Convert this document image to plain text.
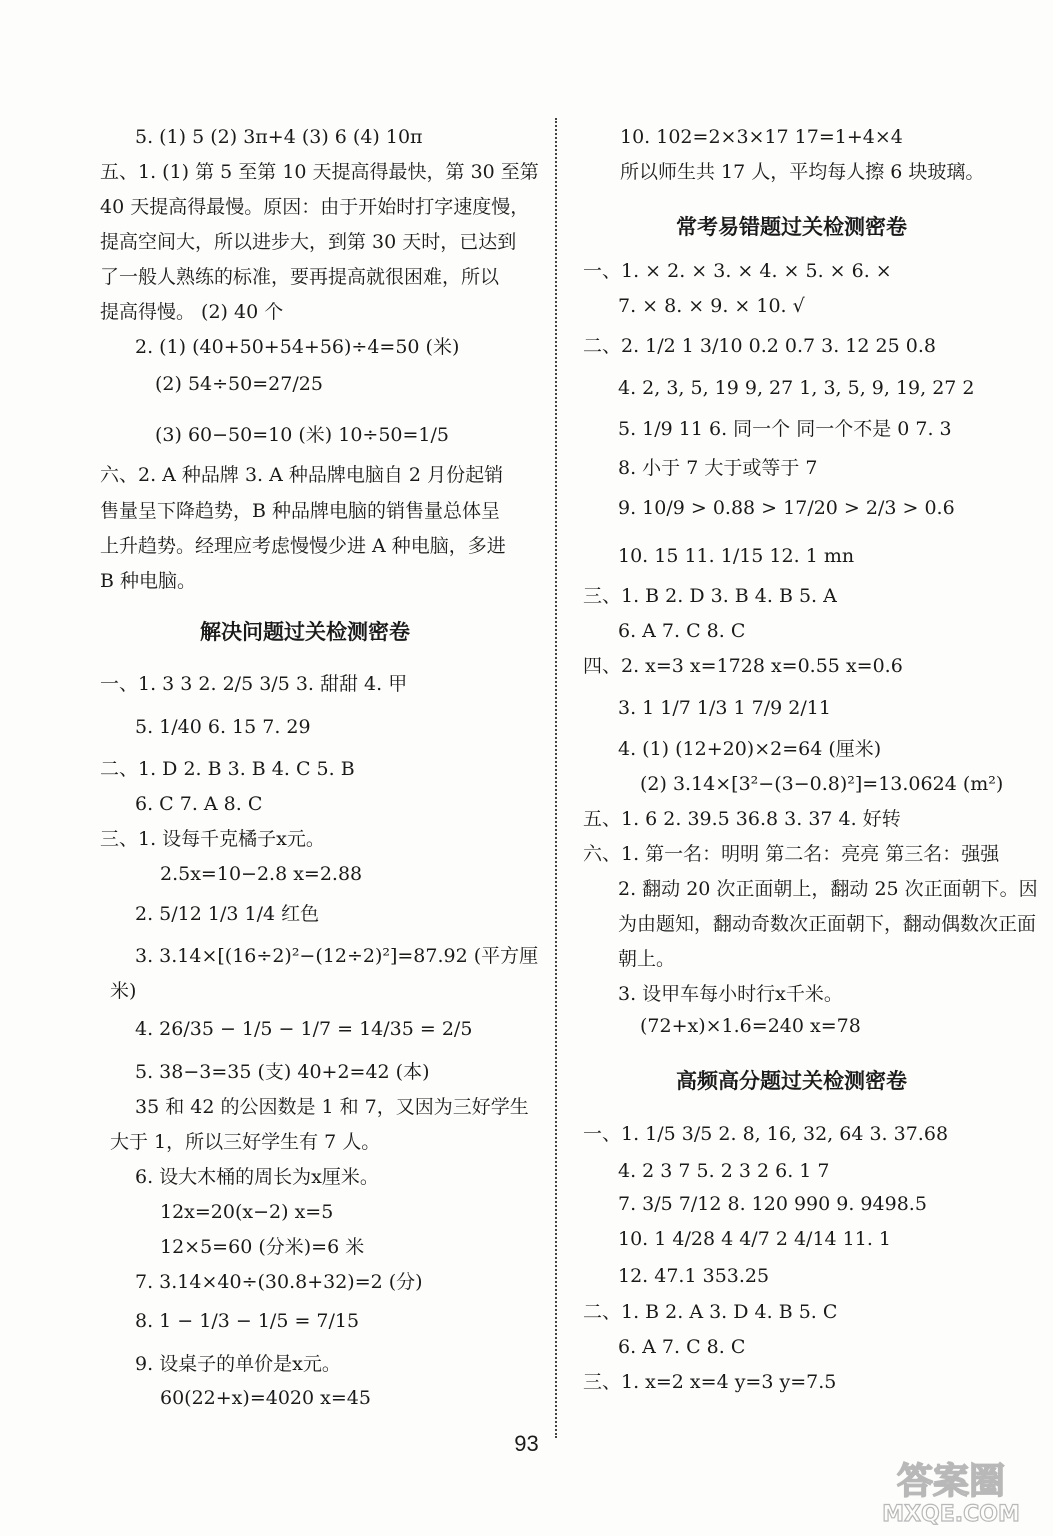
5. (1) 5 (2) 3π+4 (3) 6 (4) 10π
五、1. (1) 第 5 至第 10 天提高得最快，第 30 至第
40 天提高得最慢。原因：由于开始时打字速度慢，
提高空间大，所以进步大，到第 30 天时，已达到
了一般人熟练的标准，要再提高就很困难，所以
提高得慢。 (2) 40 个
2. (1) (40+50+54+56)÷4=50 (米)
(2) 54÷50=27/25
(3) 60−50=10 (米) 10÷50=1/5
六、2. A 种品牌 3. A 种品牌电脑自 2 月份起销
售量呈下降趋势，B 种品牌电脑的销售量总体呈
上升趋势。经理应考虑慢慢少进 A 种电脑，多进
B 种电脑。
解决问题过关检测密卷
一、1. 3 3 2. 2/5 3/5 3. 甜甜 4. 甲
5. 1/40 6. 15 7. 29
二、1. D 2. B 3. B 4. C 5. B
6. C 7. A 8. C
三、1. 设每千克橘子x元。
2.5x=10−2.8 x=2.88
2. 5/12 1/3 1/4 红色
3. 3.14×[(16÷2)²−(12÷2)²]=87.92 (平方厘
米)
4. 26/35 − 1/5 − 1/7 = 14/35 = 2/5
5. 38−3=35 (支) 40+2=42 (本)
35 和 42 的公因数是 1 和 7，又因为三好学生
大于 1，所以三好学生有 7 人。
6. 设大木桶的周长为x厘米。
12x=20(x−2) x=5
12×5=60 (分米)=6 米
7. 3.14×40÷(30.8+32)=2 (分)
8. 1 − 1/3 − 1/5 = 7/15
9. 设桌子的单价是x元。
60(22+x)=4020 x=45
10. 102=2×3×17 17=1+4×4
所以师生共 17 人，平均每人擦 6 块玻璃。
常考易错题过关检测密卷
一、1. × 2. × 3. × 4. × 5. × 6. ×
7. × 8. × 9. × 10. √
二、2. 1/2 1 3/10 0.2 0.7 3. 12 25 0.8
4. 2, 3, 5, 19 9, 27 1, 3, 5, 9, 19, 27 2
5. 1/9 11 6. 同一个 同一个不是 0 7. 3
8. 小于 7 大于或等于 7
9. 10/9 > 0.88 > 17/20 > 2/3 > 0.6
10. 15 11. 1/15 12. 1 mn
三、1. B 2. D 3. B 4. B 5. A
6. A 7. C 8. C
四、2. x=3 x=1728 x=0.55 x=0.6
3. 1 1/7 1/3 1 7/9 2/11
4. (1) (12+20)×2=64 (厘米)
(2) 3.14×[3²−(3−0.8)²]=13.0624 (m²)
五、1. 6 2. 39.5 36.8 3. 37 4. 好转
六、1. 第一名：明明 第二名：亮亮 第三名：强强
2. 翻动 20 次正面朝上，翻动 25 次正面朝下。因
为由题知，翻动奇数次正面朝下，翻动偶数次正面
朝上。
3. 设甲车每小时行x千米。
(72+x)×1.6=240 x=78
高频高分题过关检测密卷
一、1. 1/5 3/5 2. 8, 16, 32, 64 3. 37.68
4. 2 3 7 5. 2 3 2 6. 1 7
7. 3/5 7/12 8. 120 990 9. 9498.5
10. 1 4/28 4 4/7 2 4/14 11. 1
12. 47.1 353.25
二、1. B 2. A 3. D 4. B 5. C
6. A 7. C 8. C
三、1. x=2 x=4 y=3 y=7.5
93
答案圈
MXQE.COM
